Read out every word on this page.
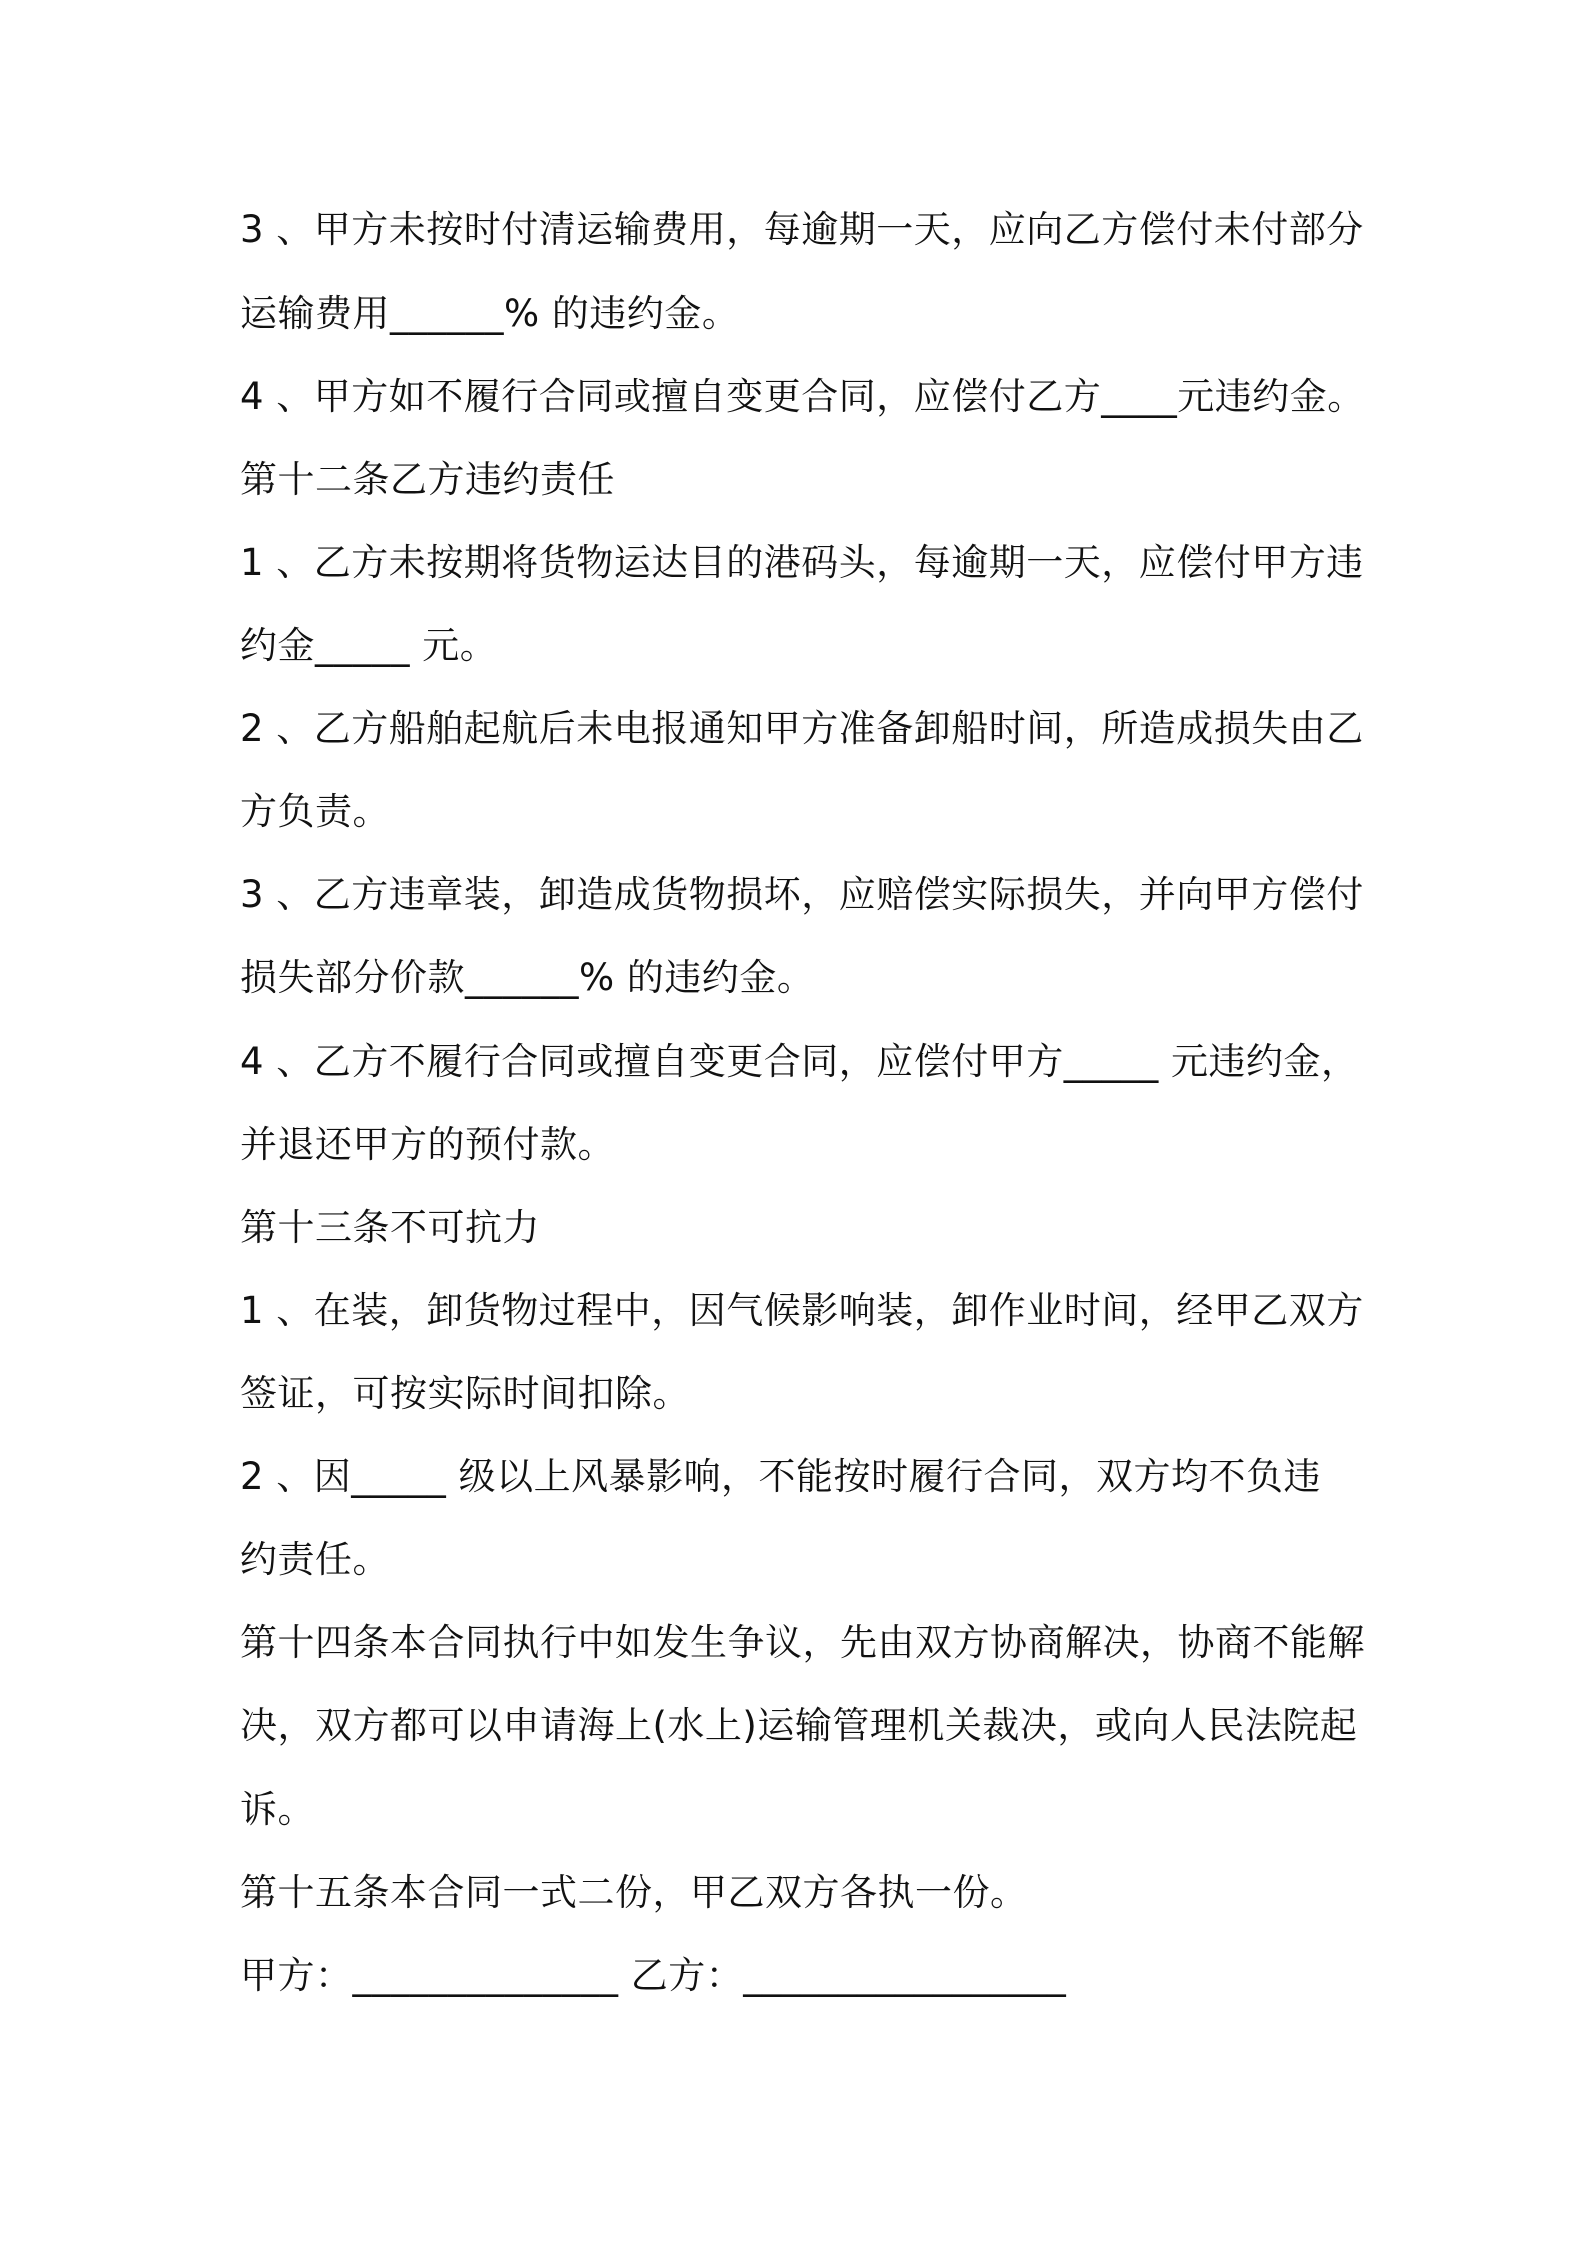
3 、甲方未按时付清运输费用，每逾期一天，应向乙方偿付未付部分
运输费用______% 的违约金。
4 、甲方如不履行合同或擅自变更合同，应偿付乙方____元违约金。
第十二条乙方违约责任
1 、乙方未按期将货物运达目的港码头，每逾期一天，应偿付甲方违
约金_____ 元。
2 、乙方船舶起航后未电报通知甲方准备卸船时间，所造成损失由乙
方负责。
3 、乙方违章装，卸造成货物损坏，应赔偿实际损失，并向甲方偿付
损失部分价款______% 的违约金。
4 、乙方不履行合同或擅自变更合同，应偿付甲方_____ 元违约金，
并退还甲方的预付款。
第十三条不可抗力
1 、在装，卸货物过程中，因气候影响装，卸作业时间，经甲乙双方
签证，可按实际时间扣除。
2 、因_____ 级以上风暴影响，不能按时履行合同，双方均不负违
约责任。
第十四条本合同执行中如发生争议，先由双方协商解决，协商不能解
决，双方都可以申请海上(水上)运输管理机关裁决，或向人民法院起
诉。
第十五条本合同一式二份，甲乙双方各执一份。
甲方：______________ 乙方：_________________
